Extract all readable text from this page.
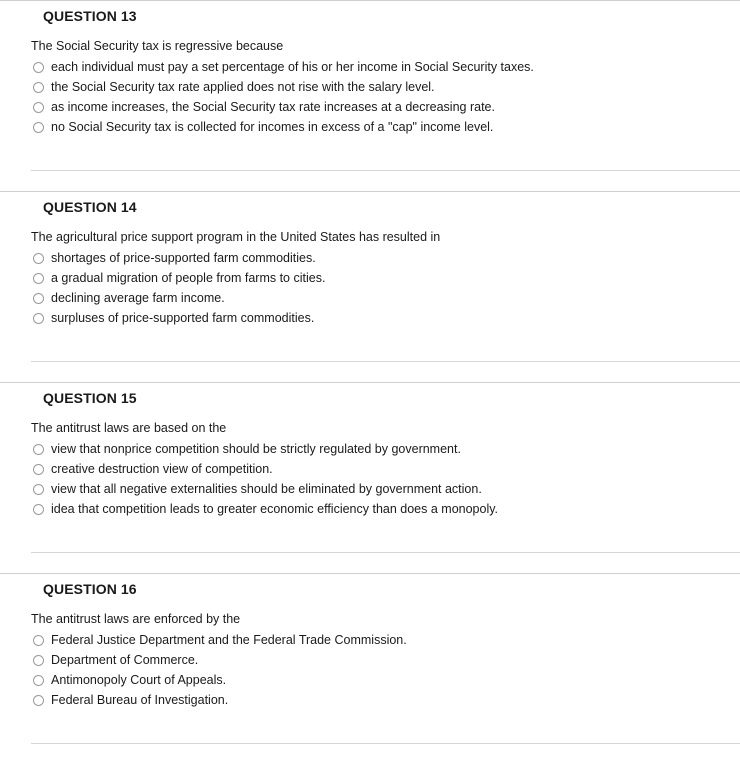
QUESTION 13
The Social Security tax is regressive because
each individual must pay a set percentage of his or her income in Social Security taxes.
the Social Security tax rate applied does not rise with the salary level.
as income increases, the Social Security tax rate increases at a decreasing rate.
no Social Security tax is collected for incomes in excess of a "cap" income level.
QUESTION 14
The agricultural price support program in the United States has resulted in
shortages of price-supported farm commodities.
a gradual migration of people from farms to cities.
declining average farm income.
surpluses of price-supported farm commodities.
QUESTION 15
The antitrust laws are based on the
view that nonprice competition should be strictly regulated by government.
creative destruction view of competition.
view that all negative externalities should be eliminated by government action.
idea that competition leads to greater economic efficiency than does a monopoly.
QUESTION 16
The antitrust laws are enforced by the
Federal Justice Department and the Federal Trade Commission.
Department of Commerce.
Antimonopoly Court of Appeals.
Federal Bureau of Investigation.
